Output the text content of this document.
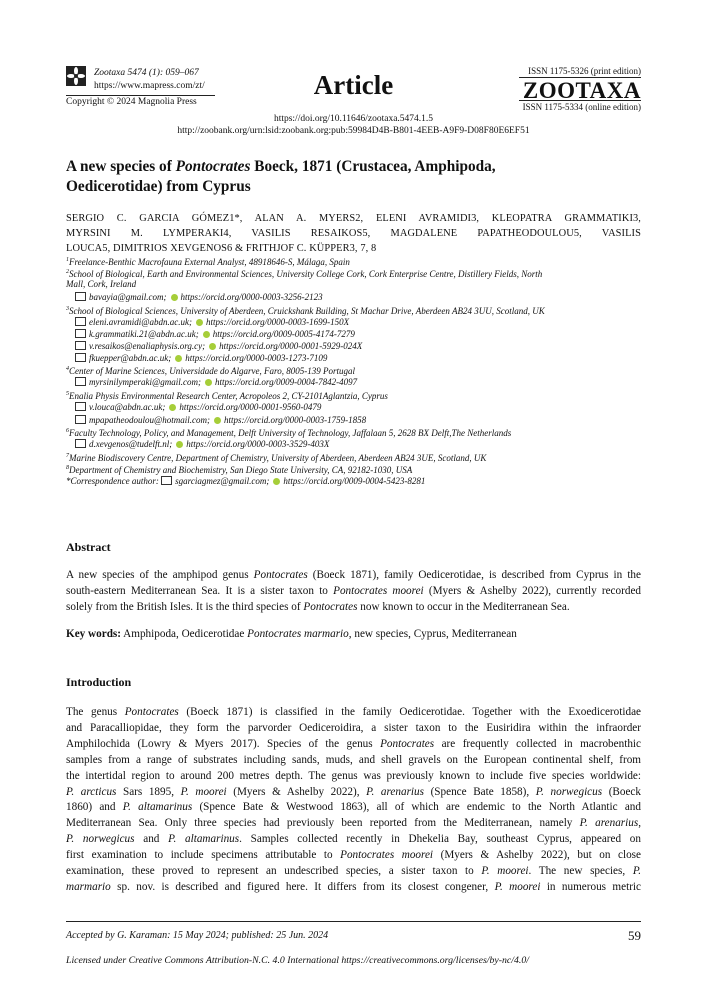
Zootaxa 5474 (1): 059–067
https://www.mapress.com/zt/
Copyright © 2024 Magnolia Press
Article	ISSN 1175-5326 (print edition)
ZOOTAXA
ISSN 1175-5334 (online edition)
https://doi.org/10.11646/zootaxa.5474.1.5
http://zoobank.org/urn:lsid:zoobank.org:pub:59984D4B-B801-4EEB-A9F9-D08F80E6EF51
A new species of Pontocrates Boeck, 1871 (Crustacea, Amphipoda,
Oedicerotidae) from Cyprus
SERGIO C. GARCIA GÓMEZ1*, ALAN A. MYERS2, ELENI AVRAMIDI3, KLEOPATRA GRAMMATIKI3,
MYRSINI M. LYMPERAKI4, VASILIS RESAIKOS5, MAGDALENE PAPATHEODOULOU5, VASILIS
LOUCA5, DIMITRIOS XEVGENOS6 & FRITHJOF C. KÜPPER3, 7, 8
$^1$Freelance-Benthic Macrofauna External Analyst, 48918646-S, Málaga, Spain
$^2$School of Biological, Earth and Environmental Sciences, University College Cork, Cork Enterprise Centre, Distillery Fields, North
Mall, Cork, Ireland
bavayia@gmail.com; https://orcid.org/0000-0003-3256-2123
$^3$School of Biological Sciences, University of Aberdeen, Cruickshank Building, St Machar Drive, Aberdeen AB24 3UU, Scotland, UK
eleni.avramidi@abdn.ac.uk; https://orcid.org/0000-0003-1699-150X
k.grammatiki.21@abdn.ac.uk; https://orcid.org/0009-0005-4174-7279
v.resaikos@enaliaphysis.org.cy; https://orcid.org/0000-0001-5929-024X
fkuepper@abdn.ac.uk; https://orcid.org/0000-0003-1273-7109
$^4$Center of Marine Sciences, Universidade do Algarve, Faro, 8005-139 Portugal
myrsinilymperaki@gmail.com; https://orcid.org/0009-0004-7842-4097
$^5$Enalia Physis Environmental Research Center, Acropoleos 2, CY-2101Aglantzia, Cyprus
v.louca@abdn.ac.uk; https://orcid.org/0000-0001-9560-0479
mpapatheodoulou@hotmail.com; https://orcid.org/0000-0003-1759-1858
$^6$Faculty Technology, Policy, and Management, Delft University of Technology, Jaffalaan 5, 2628 BX Delft,The Netherlands
d.xevgenos@tudelft.nl; https://orcid.org/0000-0003-3529-403X
$^7$Marine Biodiscovery Centre, Department of Chemistry, University of Aberdeen, Aberdeen AB24 3UE, Scotland, UK
$^8$Department of Chemistry and Biochemistry, San Diego State University, CA, 92182-1030, USA
*Correspondence author: sgarciagmez@gmail.com; https://orcid.org/0009-0004-5423-8281
Abstract
A new species of the amphipod genus Pontocrates (Boeck 1871), family Oedicerotidae, is described from Cyprus in the
south-eastern Mediterranean Sea. It is a sister taxon to Pontocrates moorei (Myers & Ashelby 2022), currently recorded
solely from the British Isles. It is the third species of Pontocrates now known to occur in the Mediterranean Sea.
Key words: Amphipoda, Oedicerotidae Pontocrates marmario, new species, Cyprus, Mediterranean
Introduction
The genus Pontocrates (Boeck 1871) is classified in the family Oedicerotidae. Together with the Exoedicerotidae
and Paracalliopidae, they form the parvorder Oediceroidira, a sister taxon to the Eusiridira within the infraorder
Amphilochida (Lowry & Myers 2017). Species of the genus Pontocrates are frequently collected in macrobenthic
samples from a range of substrates including sands, muds, and shell gravels on the European continental shelf, from
the intertidal region to around 200 metres depth. The genus was previously known to include five species worldwide:
P. arcticus Sars 1895, P. moorei (Myers & Ashelby 2022), P. arenarius (Spence Bate 1858), P. norwegicus (Boeck
1860) and P. altamarinus (Spence Bate & Westwood 1863), all of which are endemic to the North Atlantic and
Mediterranean Sea. Only three species had previously been reported from the Mediterranean, namely P. arenarius,
P. norwegicus and P. altamarinus. Samples collected recently in Dhekelia Bay, southeast Cyprus, appeared on
first examination to include specimens attributable to Pontocrates moorei (Myers & Ashelby 2022), but on close
examination, these proved to represent an undescribed species, a sister taxon to P. moorei. The new species, P.
marmario sp. nov. is described and figured here. It differs from its closest congener, P. moorei in numerous metric
Accepted by G. Karaman: 15 May 2024; published: 25 Jun. 2024	59
Licensed under Creative Commons Attribution-N.C. 4.0 International https://creativecommons.org/licenses/by-nc/4.0/
